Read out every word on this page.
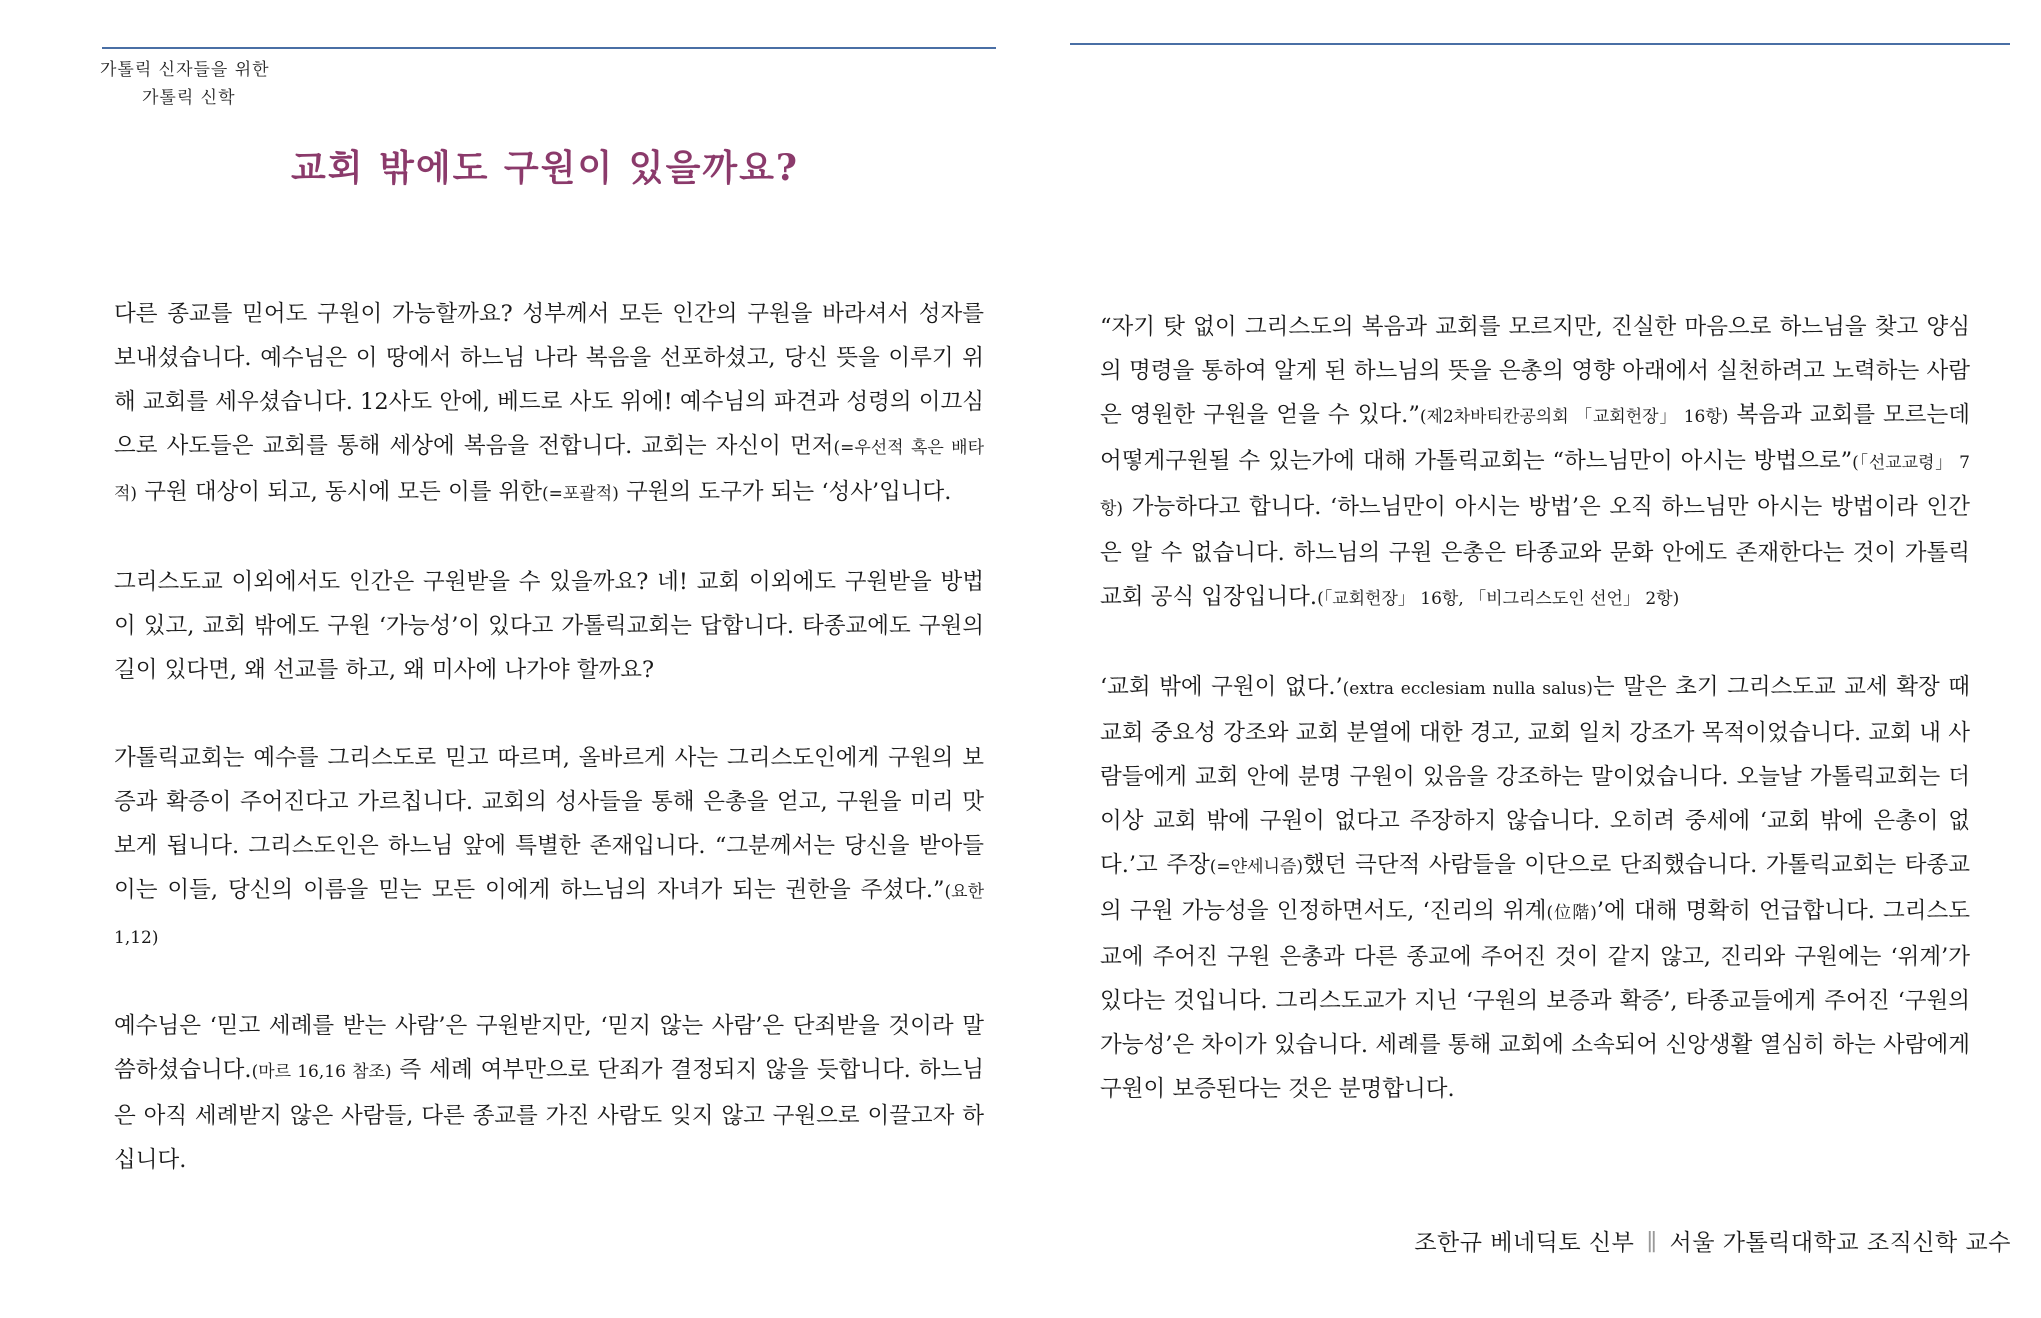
가톨릭 신자들을 위한
가톨릭 신학
교회 밖에도 구원이 있을까요?

다른 종교를 믿어도 구원이 가능할까요? 성부께서 모든 인간의 구원을 바라셔서 성자를 보내셨습니다. 예수님은 이 땅에서 하느님 나라 복음을 선포하셨고, 당신 뜻을 이루기 위해 교회를 세우셨습니다. 12사도 안에, 베드로 사도 위에! 예수님의 파견과 성령의 이끄심으로 사도들은 교회를 통해 세상에 복음을 전합니다. 교회는 자신이 먼저(=우선적 혹은 배타적) 구원 대상이 되고, 동시에 모든 이를 위한(=포괄적) 구원의 도구가 되는 ‘성사’입니다.

그리스도교 이외에서도 인간은 구원받을 수 있을까요? 네! 교회 이외에도 구원받을 방법이 있고, 교회 밖에도 구원 ‘가능성’이 있다고 가톨릭교회는 답합니다. 타종교에도 구원의 길이 있다면, 왜 선교를 하고, 왜 미사에 나가야 할까요?

가톨릭교회는 예수를 그리스도로 믿고 따르며, 올바르게 사는 그리스도인에게 구원의 보증과 확증이 주어진다고 가르칩니다. 교회의 성사들을 통해 은총을 얻고, 구원을 미리 맛보게 됩니다. 그리스도인은 하느님 앞에 특별한 존재입니다. “그분께서는 당신을 받아들이는 이들, 당신의 이름을 믿는 모든 이에게 하느님의 자녀가 되는 권한을 주셨다.”(요한 1,12)

예수님은 ‘믿고 세례를 받는 사람’은 구원받지만, ‘믿지 않는 사람’은 단죄받을 것이라 말씀하셨습니다.(마르 16,16 참조) 즉 세례 여부만으로 단죄가 결정되지 않을 듯합니다. 하느님은 아직 세례받지 않은 사람들, 다른 종교를 가진 사람도 잊지 않고 구원으로 이끌고자 하십니다.

“자기 탓 없이 그리스도의 복음과 교회를 모르지만, 진실한 마음으로 하느님을 찾고 양심의 명령을 통하여 알게 된 하느님의 뜻을 은총의 영향 아래에서 실천하려고 노력하는 사람은 영원한 구원을 얻을 수 있다.”(제2차바티칸공의회 「교회헌장」 16항) 복음과 교회를 모르는데 어떻게구원될 수 있는가에 대해 가톨릭교회는 “하느님만이 아시는 방법으로”(「선교교령」 7항) 가능하다고 합니다. ‘하느님만이 아시는 방법’은 오직 하느님만 아시는 방법이라 인간은 알 수 없습니다. 하느님의 구원 은총은 타종교와 문화 안에도 존재한다는 것이 가톨릭교회 공식 입장입니다.(「교회헌장」 16항, 「비그리스도인 선언」 2항)

‘교회 밖에 구원이 없다.’(extra ecclesiam nulla salus)는 말은 초기 그리스도교 교세 확장 때 교회 중요성 강조와 교회 분열에 대한 경고, 교회 일치 강조가 목적이었습니다. 교회 내 사람들에게 교회 안에 분명 구원이 있음을 강조하는 말이었습니다. 오늘날 가톨릭교회는 더 이상 교회 밖에 구원이 없다고 주장하지 않습니다. 오히려 중세에 ‘교회 밖에 은총이 없다.’고 주장(=얀세니즘)했던 극단적 사람들을 이단으로 단죄했습니다. 가톨릭교회는 타종교의 구원 가능성을 인정하면서도, ‘진리의 위계(位階)’에 대해 명확히 언급합니다. 그리스도교에 주어진 구원 은총과 다른 종교에 주어진 것이 같지 않고, 진리와 구원에는 ‘위계’가 있다는 것입니다. 그리스도교가 지닌 ‘구원의 보증과 확증’, 타종교들에게 주어진 ‘구원의 가능성’은 차이가 있습니다. 세례를 통해 교회에 소속되어 신앙생활 열심히 하는 사람에게 구원이 보증된다는 것은 분명합니다.

조한규 베네딕토 신부 ∥ 서울 가톨릭대학교 조직신학 교수
